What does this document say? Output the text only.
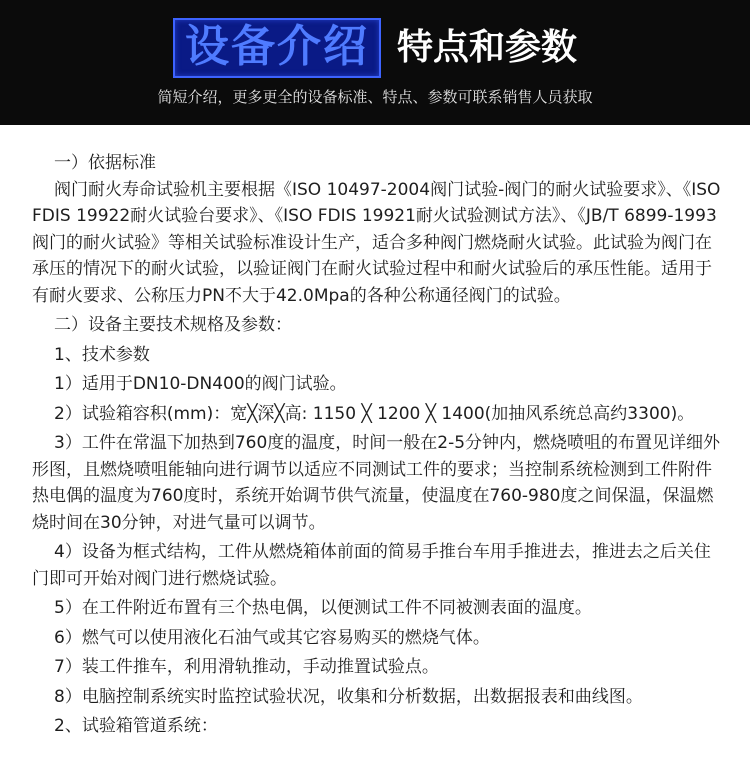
设备介绍 特点和参数
简短介绍，更多更全的设备标准、特点、参数可联系销售人员获取

一）依据标准

阀门耐火寿命试验机主要根据《ISO 10497-2004阀门试验-阀门的耐火试验要求》、《ISO FDIS 19922耐火试验台要求》、《ISO FDIS 19921耐火试验测试方法》、《JB/T 6899-1993阀门的耐火试验》等相关试验标准设计生产，适合多种阀门燃烧耐火试验。此试验为阀门在承压的情况下的耐火试验，以验证阀门在耐火试验过程中和耐火试验后的承压性能。适用于有耐火要求、公称压力PN不大于42.0Mpa的各种公称通径阀门的试验。

二）设备主要技术规格及参数：

1、技术参数

1）适用于DN10-DN400的阀门试验。

2）试验箱容积(mm)：宽╳深╳高: 1150 ╳ 1200 ╳ 1400(加抽风系统总高约3300)。

3）工件在常温下加热到760度的温度，时间一般在2-5分钟内，燃烧喷咀的布置见详细外形图，且燃烧喷咀能轴向进行调节以适应不同测试工件的要求；当控制系统检测到工件附件热电偶的温度为760度时，系统开始调节供气流量，使温度在760-980度之间保温，保温燃烧时间在30分钟，对进气量可以调节。

4）设备为框式结构，工件从燃烧箱体前面的简易手推台车用手推进去，推进去之后关住门即可开始对阀门进行燃烧试验。

5）在工件附近布置有三个热电偶，以便测试工件不同被测表面的温度。

6）燃气可以使用液化石油气或其它容易购买的燃烧气体。

7）装工件推车，利用滑轨推动，手动推置试验点。

8）电脑控制系统实时监控试验状况，收集和分析数据，出数据报表和曲线图。

2、试验箱管道系统：
